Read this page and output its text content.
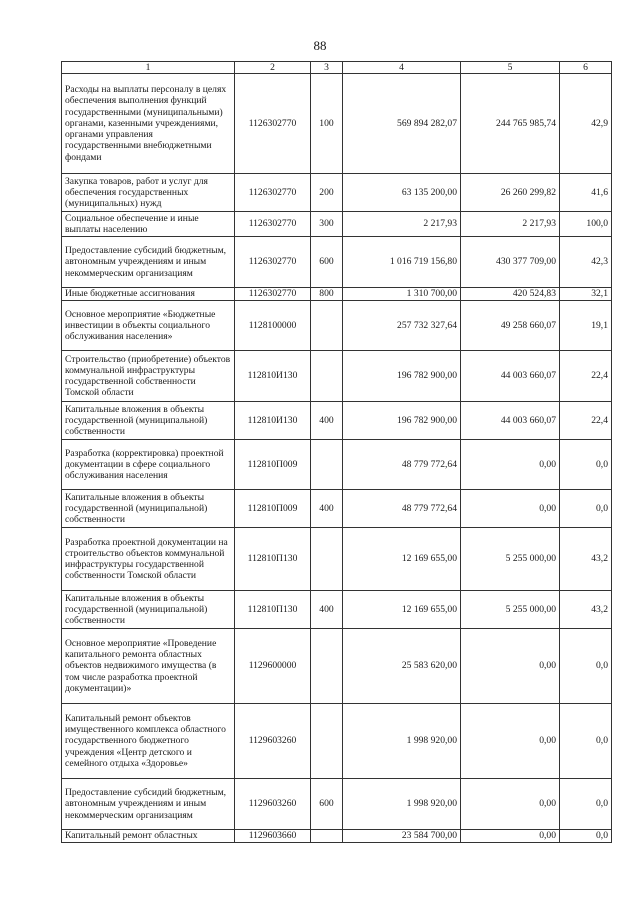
88
1	2	3	4	5	6
Расходы на выплаты персоналу в целях обеспечения выполнения функций государственными (муниципальными) органами, казенными учреждениями, органами управления государственными внебюджетными фондами	1126302770	100	569 894 282,07	244 765 985,74	42,9
Закупка товаров, работ и услуг для обеспечения государственных (муниципальных) нужд	1126302770	200	63 135 200,00	26 260 299,82	41,6
Социальное обеспечение и иные выплаты населению	1126302770	300	2 217,93	2 217,93	100,0
Предоставление субсидий бюджетным, автономным учреждениям и иным некоммерческим организациям	1126302770	600	1 016 719 156,80	430 377 709,00	42,3
Иные бюджетные ассигнования	1126302770	800	1 310 700,00	420 524,83	32,1
Основное мероприятие «Бюджетные инвестиции в объекты социального обслуживания населения»	1128100000		257 732 327,64	49 258 660,07	19,1
Строительство (приобретение) объектов коммунальной инфраструктуры государственной собственности Томской области	112810И130		196 782 900,00	44 003 660,07	22,4
Капитальные вложения в объекты государственной (муниципальной) собственности	112810И130	400	196 782 900,00	44 003 660,07	22,4
Разработка (корректировка) проектной документации в сфере социального обслуживания населения	112810П009		48 779 772,64	0,00	0,0
Капитальные вложения в объекты государственной (муниципальной) собственности	112810П009	400	48 779 772,64	0,00	0,0
Разработка проектной документации на строительство объектов коммунальной инфраструктуры государственной собственности Томской области	112810П130		12 169 655,00	5 255 000,00	43,2
Капитальные вложения в объекты государственной (муниципальной) собственности	112810П130	400	12 169 655,00	5 255 000,00	43,2
Основное мероприятие «Проведение капитального ремонта областных объектов недвижимого имущества (в том числе разработка проектной документации)»	1129600000		25 583 620,00	0,00	0,0
Капитальный ремонт объектов имущественного комплекса областного государственного бюджетного учреждения «Центр детского и семейного отдыха «Здоровье»	1129603260		1 998 920,00	0,00	0,0
Предоставление субсидий бюджетным, автономным учреждениям и иным некоммерческим организациям	1129603260	600	1 998 920,00	0,00	0,0
Капитальный ремонт областных	1129603660		23 584 700,00	0,00	0,0
